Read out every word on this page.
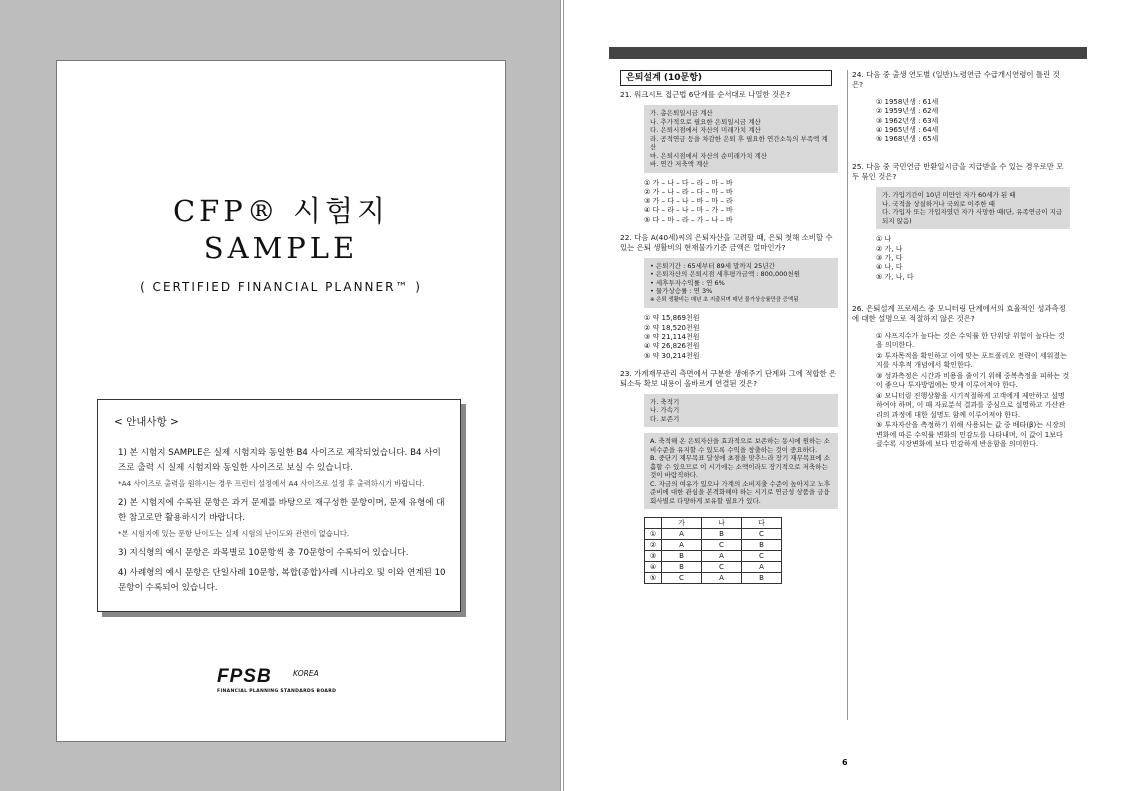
CFP® 시험지
SAMPLE
( CERTIFIED FINANCIAL PLANNER™ )
< 안내사항 >
1) 본 시험지 SAMPLE은 실제 시험지와 동일한 B4 사이즈로 제작되었습니다. B4 사이즈로 출력 시 실제 시험지와 동일한 사이즈로 보실 수 있습니다.
*A4 사이즈로 출력을 원하시는 경우 프린터 설정에서 A4 사이즈로 설정 후 출력하시기 바랍니다.
2) 본 시험지에 수록된 문항은 과거 문제를 바탕으로 재구성한 문항이며, 문제 유형에 대한 참고로만 활용하시기 바랍니다.
*본 시험지에 있는 문항 난이도는 실제 시험의 난이도와 관련이 없습니다.
3) 지식형의 예시 문항은 과목별로 10문항씩 총 70문항이 수록되어 있습니다.
4) 사례형의 예시 문항은 단일사례 10문항, 복합(종합)사례 시나리오 및 이와 연계된 10문항이 수록되어 있습니다.
FPSB	KOREA
FINANCIAL PLANNING STANDARDS BOARD
은퇴설계 (10문항)
21. 워크시트 접근법 6단계를 순서대로 나열한 것은?
가. 총은퇴일시금 계산
나. 추가적으로 필요한 은퇴일시금 계산
다. 은퇴시점에서 자산의 미래가치 계산
라. 공적연금 등을 차감한 은퇴 후 필요한 연간소득의 부족액 계산
마. 은퇴시점에서 자산의 순미래가치 계산
바. 연간 저축액 계산
① 가 – 나 – 다 – 라 – 마 – 바
② 가 – 나 – 라 – 다 – 마 – 바
③ 가 – 다 – 나 – 바 – 마 – 라
④ 다 – 라 – 나 – 마 – 가 – 바
⑤ 다 – 마 – 라 – 가 – 나 – 바
22. 다음 A(40세)씨의 은퇴자산을 고려할 때, 은퇴 첫해 소비할 수 있는 은퇴 생활비의 현재물가기준 금액은 얼마인가?
• 은퇴기간 : 65세부터 89세 말까지 25년간
• 은퇴자산의 은퇴시점 세후평가금액 : 800,000천원
• 세후투자수익률 : 연 6%
• 물가상승률 : 연 3%
※ 은퇴 생활비는 매년 초 지출되며 매년 물가상승률만큼 증액됨
① 약 15,869천원
② 약 18,520천원
③ 약 21,114천원
④ 약 26,826천원
⑤ 약 30,214천원
23. 가계재무관리 측면에서 구분한 생애주기 단계와 그에 적합한 은퇴소득 확보 내용이 올바르게 연결된 것은?
가. 축적기
나. 가속기
다. 보존기
A. 축적해 온 은퇴자산을 효과적으로 보존하는 동시에 원하는 소비수준을 유지할 수 있도록 수익을 창출하는 것이 중요하다.
B. 중단기 재무목표 달성에 초점을 맞추느라 장기 재무목표에 소홀할 수 있으므로 이 시기에는 소액이라도 장기적으로 저축하는 것이 바람직하다.
C. 자금의 여유가 있으나 가계의 소비지출 수준이 높아지고 노후준비에 대한 관심을 본격화해야 하는 시기로 연금성 상품을 금융회사별로 다양하게 보유할 필요가 있다.
	가	나	다
①	A	B	C
②	A	C	B
③	B	A	C
④	B	C	A
⑤	C	A	B
24. 다음 중 출생 연도별 (일반)노령연금 수급개시연령이 틀린 것은?
① 1958년생 : 61세
② 1959년생 : 62세
③ 1962년생 : 63세
④ 1965년생 : 64세
⑤ 1968년생 : 65세
25. 다음 중 국민연금 반환일시금을 지급받을 수 있는 경우로만 모두 묶인 것은?
가. 가입기간이 10년 미만인 자가 60세가 된 때
나. 국적을 상실하거나 국외로 이주한 때
다. 가입자 또는 가입자였던 자가 사망한 때(단, 유족연금이 지급되지 않음)
① 나
② 가, 나
③ 가, 다
④ 나, 다
⑤ 가, 나, 다
26. 은퇴설계 프로세스 중 모니터링 단계에서의 효율적인 성과측정에 대한 설명으로 적절하지 않은 것은?
① 샤프지수가 높다는 것은 수익률 한 단위당 위험이 높다는 것을 의미한다.
② 투자목적을 확인하고 이에 맞는 포트폴리오 전략이 세워졌는지를 사후적 개념에서 확인한다.
③ 성과측정은 시간과 비용을 줄이기 위해 중복측정을 피하는 것이 좋으나 투자방법에는 맞게 이루어져야 한다.
④ 모니터링 진행상황을 시기적절하게 고객에게 제안하고 설명하여야 하며, 이 때 자료분석 결과를 중심으로 설명하고 가산관리의 과정에 대한 설명도 함께 이루어져야 한다.
⑤ 투자자산을 측정하기 위해 사용되는 값 중 베타(β)는 시장의 변화에 따른 수익률 변화의 민감도를 나타내며, 이 값이 1보다 클수록 시장변화에 보다 민감하게 반응함을 의미한다.
6
